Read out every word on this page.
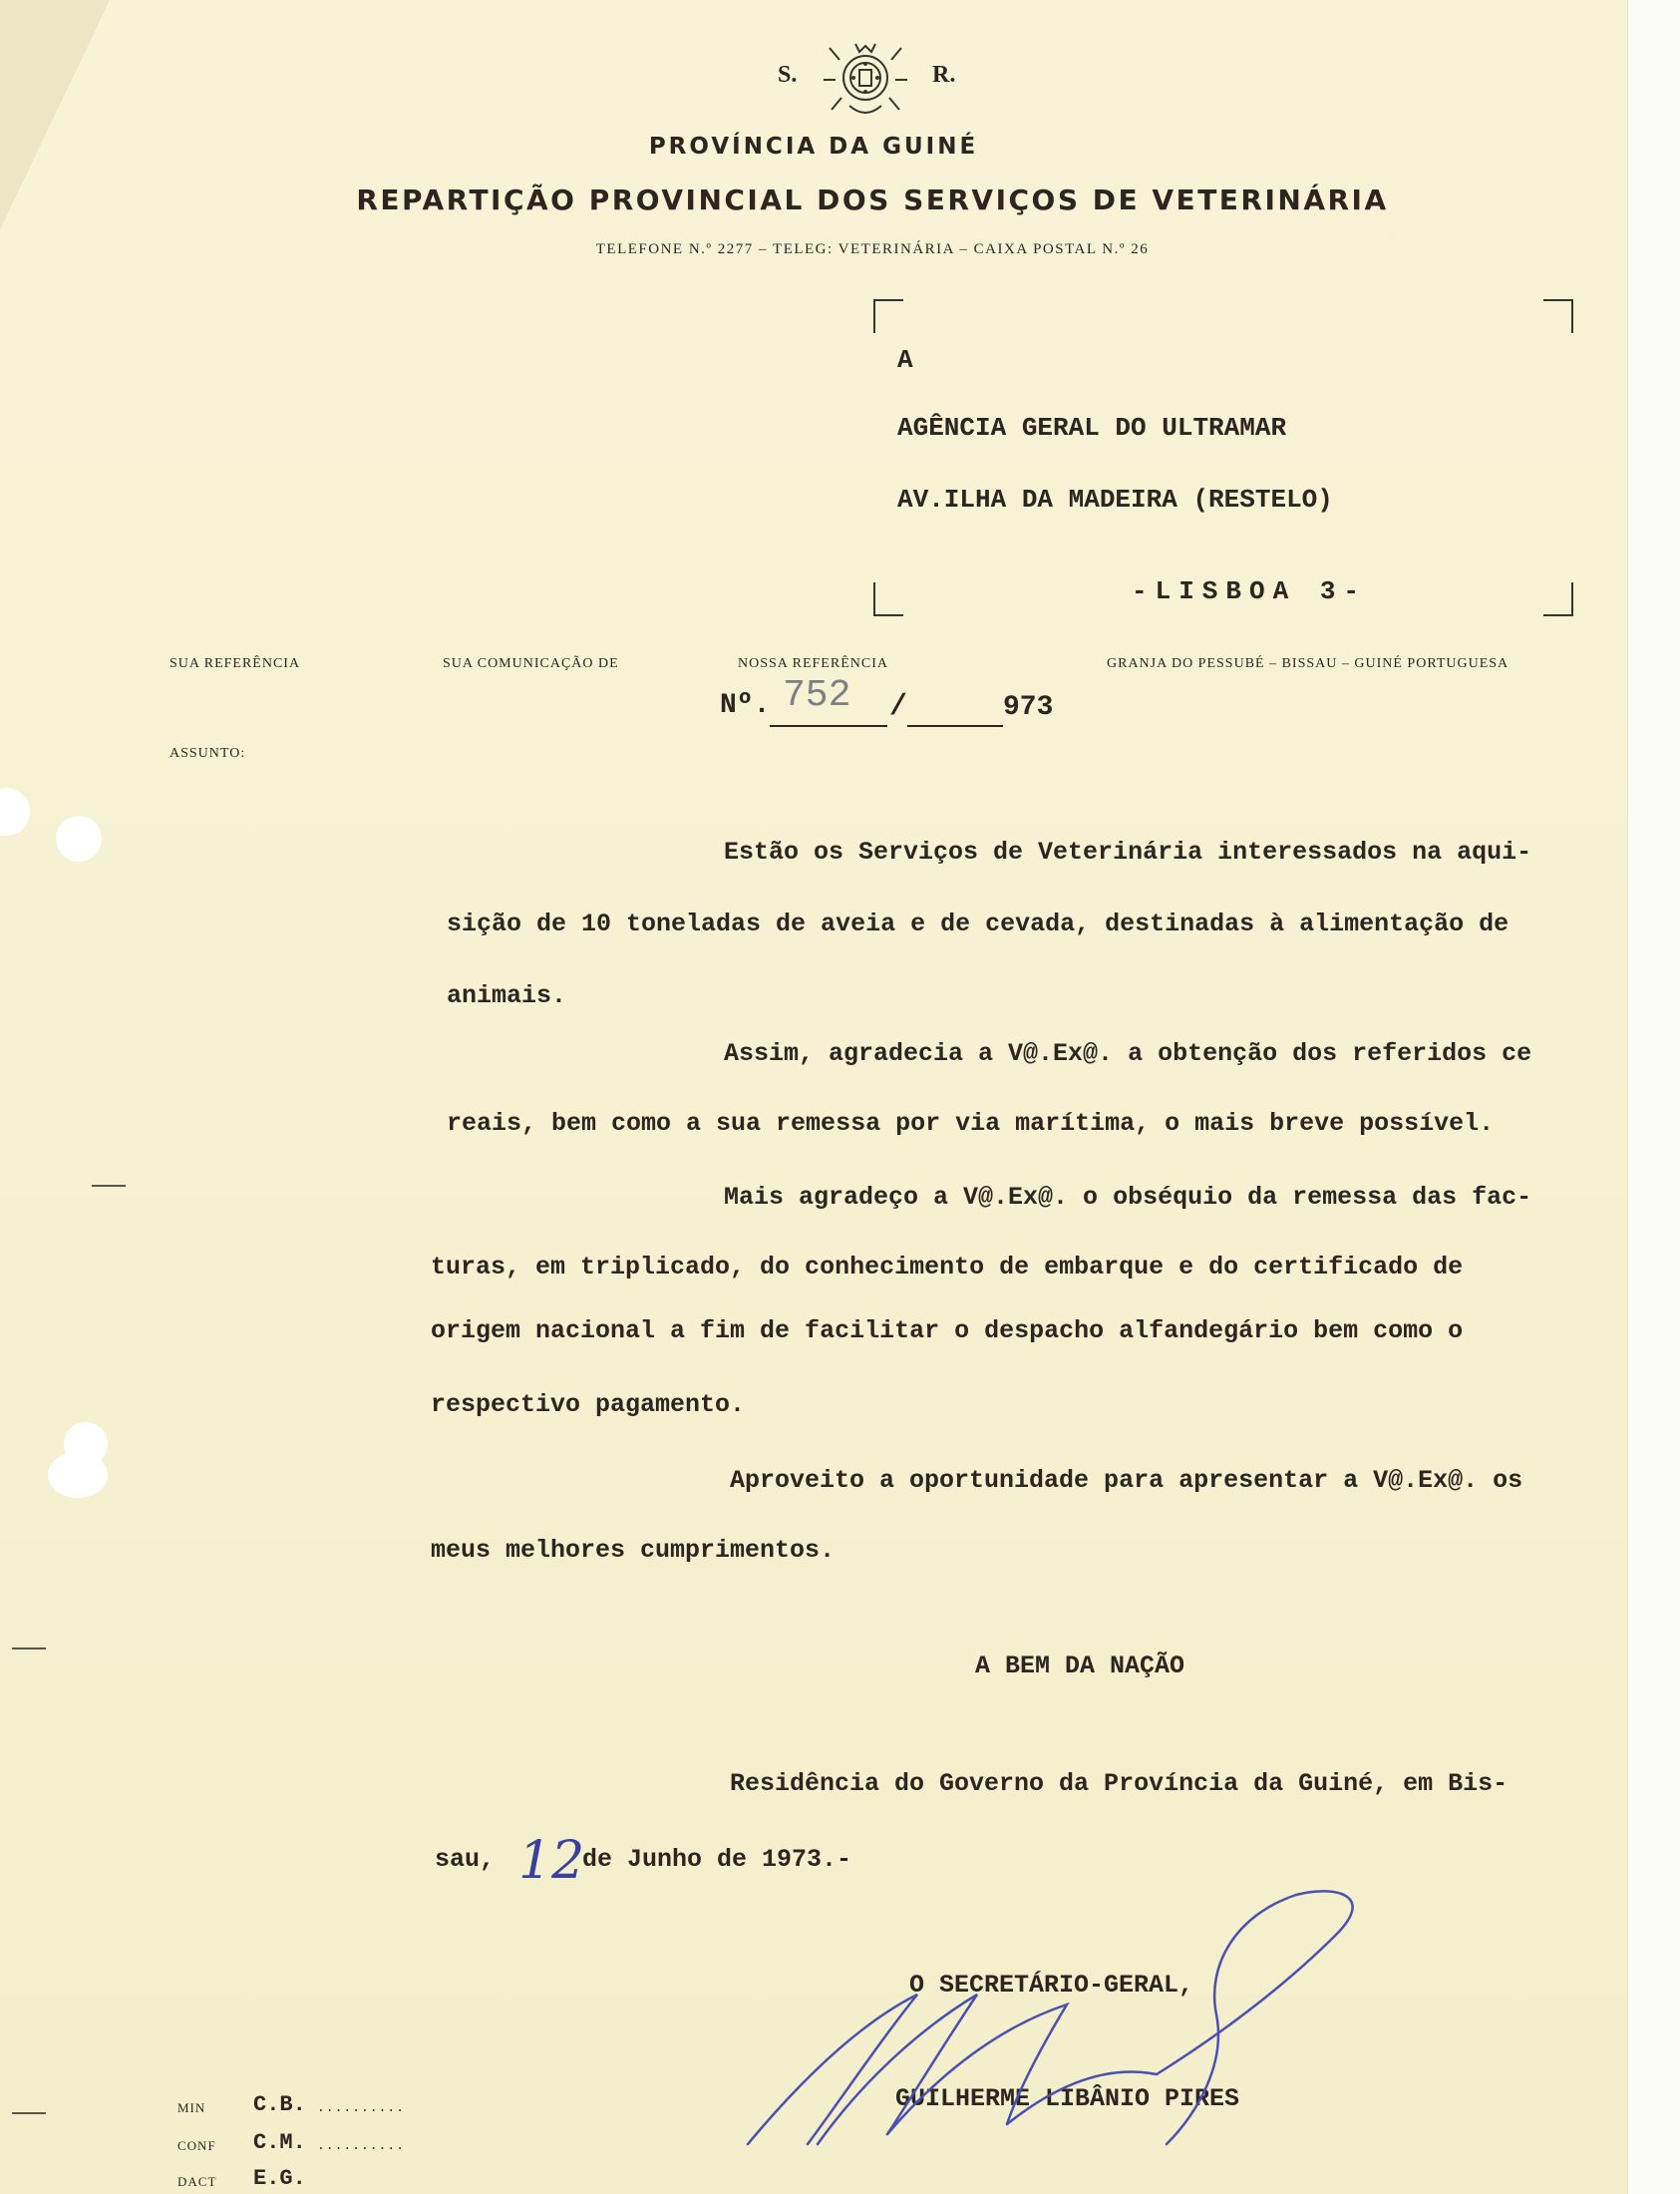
S.	R.
PROVÍNCIA DA GUINÉ
REPARTIÇÃO PROVINCIAL DOS SERVIÇOS DE VETERINÁRIA
TELEFONE N.º 2277 – TELEG: VETERINÁRIA – CAIXA POSTAL N.º 26
A
AGÊNCIA GERAL DO ULTRAMAR
AV.ILHA DA MADEIRA (RESTELO)
-LISBOA 3-
SUA REFERÊNCIA	SUA COMUNICAÇÃO DE	NOSSA REFERÊNCIA	GRANJA DO PESSUBÉ – BISSAU – GUINÉ PORTUGUESA
ASSUNTO:
Nº. 752 /	973
Estão os Serviços de Veterinária interessados na aqui-
sição de 10 toneladas de aveia e de cevada, destinadas à alimentação de
animais.
Assim, agradecia a V@.Ex@. a obtenção dos referidos ce
reais, bem como a sua remessa por via marítima, o mais breve possível.
Mais agradeço a V@.Ex@. o obséquio da remessa das fac-
turas, em triplicado, do conhecimento de embarque e do certificado de
origem nacional a fim de facilitar o despacho alfandegário bem como o
respectivo pagamento.
Aproveito a oportunidade para apresentar a V@.Ex@. os
meus melhores cumprimentos.
A BEM DA NAÇÃO
Residência do Governo da Província da Guiné, em Bis-
sau, 12
de Junho de 1973.-
O SECRETÁRIO-GERAL,
GUILHERME LIBÂNIO PIRES
MIN C.B. ..........
CONF C.M. ..........
DACT E.G.
